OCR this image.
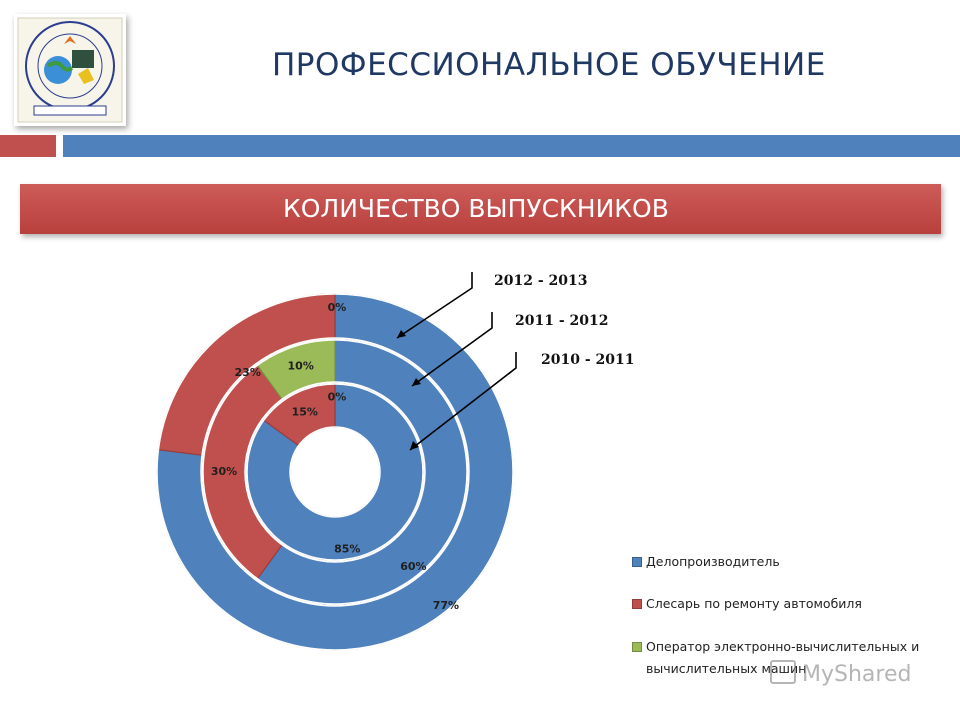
ПРОФЕССИОНАЛЬНОЕ ОБУЧЕНИЕ
КОЛИЧЕСТВО ВЫПУСКНИКОВ
77%
23%
0%
60%
30%
10%
85%
15%
0%
2012 - 2013
2011 - 2012
2010 - 2011
Делопроизводитель
Слесарь по ремонту автомобиля
Оператор электронно-вычислительных и вычислительных машин
MyShared
